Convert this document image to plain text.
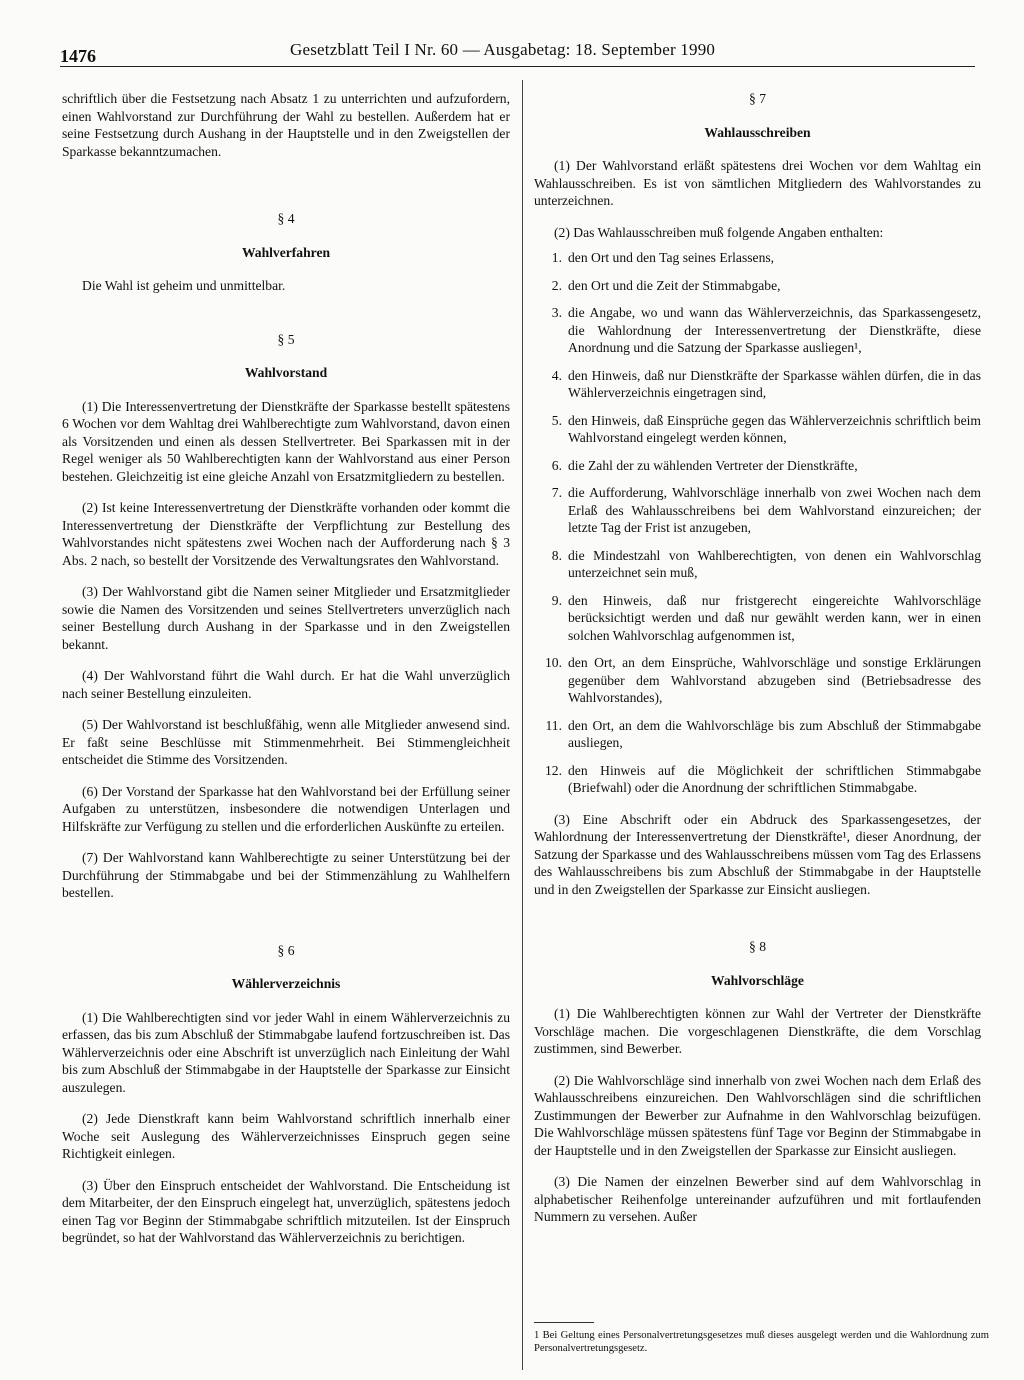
1476	Gesetzblatt Teil I Nr. 60 — Ausgabetag: 18. September 1990

schriftlich über die Festsetzung nach Absatz 1 zu unterrichten und aufzufordern, einen Wahlvorstand zur Durchführung der Wahl zu bestellen. Außerdem hat er seine Festsetzung durch Aushang in der Hauptstelle und in den Zweigstellen der Sparkasse bekanntzumachen.

§ 4
Wahlverfahren

Die Wahl ist geheim und unmittelbar.

§ 5
Wahlvorstand

(1) Die Interessenvertretung der Dienstkräfte der Sparkasse bestellt spätestens 6 Wochen vor dem Wahltag drei Wahlberechtigte zum Wahlvorstand, davon einen als Vorsitzenden und einen als dessen Stellvertreter. Bei Sparkassen mit in der Regel weniger als 50 Wahlberechtigten kann der Wahlvorstand aus einer Person bestehen. Gleichzeitig ist eine gleiche Anzahl von Ersatzmitgliedern zu bestellen.

(2) Ist keine Interessenvertretung der Dienstkräfte vorhanden oder kommt die Interessenvertretung der Dienstkräfte der Verpflichtung zur Bestellung des Wahlvorstandes nicht spätestens zwei Wochen nach der Aufforderung nach § 3 Abs. 2 nach, so bestellt der Vorsitzende des Verwaltungsrates den Wahlvorstand.

(3) Der Wahlvorstand gibt die Namen seiner Mitglieder und Ersatzmitglieder sowie die Namen des Vorsitzenden und seines Stellvertreters unverzüglich nach seiner Bestellung durch Aushang in der Sparkasse und in den Zweigstellen bekannt.

(4) Der Wahlvorstand führt die Wahl durch. Er hat die Wahl unverzüglich nach seiner Bestellung einzuleiten.

(5) Der Wahlvorstand ist beschlußfähig, wenn alle Mitglieder anwesend sind. Er faßt seine Beschlüsse mit Stimmenmehrheit. Bei Stimmengleichheit entscheidet die Stimme des Vorsitzenden.

(6) Der Vorstand der Sparkasse hat den Wahlvorstand bei der Erfüllung seiner Aufgaben zu unterstützen, insbesondere die notwendigen Unterlagen und Hilfskräfte zur Verfügung zu stellen und die erforderlichen Auskünfte zu erteilen.

(7) Der Wahlvorstand kann Wahlberechtigte zu seiner Unterstützung bei der Durchführung der Stimmabgabe und bei der Stimmenzählung zu Wahlhelfern bestellen.

§ 6
Wählerverzeichnis

(1) Die Wahlberechtigten sind vor jeder Wahl in einem Wählerverzeichnis zu erfassen, das bis zum Abschluß der Stimmabgabe laufend fortzuschreiben ist. Das Wählerverzeichnis oder eine Abschrift ist unverzüglich nach Einleitung der Wahl bis zum Abschluß der Stimmabgabe in der Hauptstelle der Sparkasse zur Einsicht auszulegen.

(2) Jede Dienstkraft kann beim Wahlvorstand schriftlich innerhalb einer Woche seit Auslegung des Wählerverzeichnisses Einspruch gegen seine Richtigkeit einlegen.

(3) Über den Einspruch entscheidet der Wahlvorstand. Die Entscheidung ist dem Mitarbeiter, der den Einspruch eingelegt hat, unverzüglich, spätestens jedoch einen Tag vor Beginn der Stimmabgabe schriftlich mitzuteilen. Ist der Einspruch begründet, so hat der Wahlvorstand das Wählerverzeichnis zu berichtigen.

§ 7
Wahlausschreiben

(1) Der Wahlvorstand erläßt spätestens drei Wochen vor dem Wahltag ein Wahlausschreiben. Es ist von sämtlichen Mitgliedern des Wahlvorstandes zu unterzeichnen.

(2) Das Wahlausschreiben muß folgende Angaben enthalten:

1. den Ort und den Tag seines Erlassens,
2. den Ort und die Zeit der Stimmabgabe,
3. die Angabe, wo und wann das Wählerverzeichnis, das Sparkassengesetz, die Wahlordnung der Interessenvertretung der Dienstkräfte, diese Anordnung und die Satzung der Sparkasse ausliegen¹,
4. den Hinweis, daß nur Dienstkräfte der Sparkasse wählen dürfen, die in das Wählerverzeichnis eingetragen sind,
5. den Hinweis, daß Einsprüche gegen das Wählerverzeichnis schriftlich beim Wahlvorstand eingelegt werden können,
6. die Zahl der zu wählenden Vertreter der Dienstkräfte,
7. die Aufforderung, Wahlvorschläge innerhalb von zwei Wochen nach dem Erlaß des Wahlausschreibens bei dem Wahlvorstand einzureichen; der letzte Tag der Frist ist anzugeben,
8. die Mindestzahl von Wahlberechtigten, von denen ein Wahlvorschlag unterzeichnet sein muß,
9. den Hinweis, daß nur fristgerecht eingereichte Wahlvorschläge berücksichtigt werden und daß nur gewählt werden kann, wer in einen solchen Wahlvorschlag aufgenommen ist,
10. den Ort, an dem Einsprüche, Wahlvorschläge und sonstige Erklärungen gegenüber dem Wahlvorstand abzugeben sind (Betriebsadresse des Wahlvorstandes),
11. den Ort, an dem die Wahlvorschläge bis zum Abschluß der Stimmabgabe ausliegen,
12. den Hinweis auf die Möglichkeit der schriftlichen Stimmabgabe (Briefwahl) oder die Anordnung der schriftlichen Stimmabgabe.

(3) Eine Abschrift oder ein Abdruck des Sparkassengesetzes, der Wahlordnung der Interessenvertretung der Dienstkräfte¹, dieser Anordnung, der Satzung der Sparkasse und des Wahlausschreibens müssen vom Tag des Erlassens des Wahlausschreibens bis zum Abschluß der Stimmabgabe in der Hauptstelle und in den Zweigstellen der Sparkasse zur Einsicht ausliegen.

§ 8
Wahlvorschläge

(1) Die Wahlberechtigten können zur Wahl der Vertreter der Dienstkräfte Vorschläge machen. Die vorgeschlagenen Dienstkräfte, die dem Vorschlag zustimmen, sind Bewerber.

(2) Die Wahlvorschläge sind innerhalb von zwei Wochen nach dem Erlaß des Wahlausschreibens einzureichen. Den Wahlvorschlägen sind die schriftlichen Zustimmungen der Bewerber zur Aufnahme in den Wahlvorschlag beizufügen. Die Wahlvorschläge müssen spätestens fünf Tage vor Beginn der Stimmabgabe in der Hauptstelle und in den Zweigstellen der Sparkasse zur Einsicht ausliegen.

(3) Die Namen der einzelnen Bewerber sind auf dem Wahlvorschlag in alphabetischer Reihenfolge untereinander aufzuführen und mit fortlaufenden Nummern zu versehen. Außer

1 Bei Geltung eines Personalvertretungsgesetzes muß dieses ausgelegt werden und die Wahlordnung zum Personalvertretungsgesetz.
